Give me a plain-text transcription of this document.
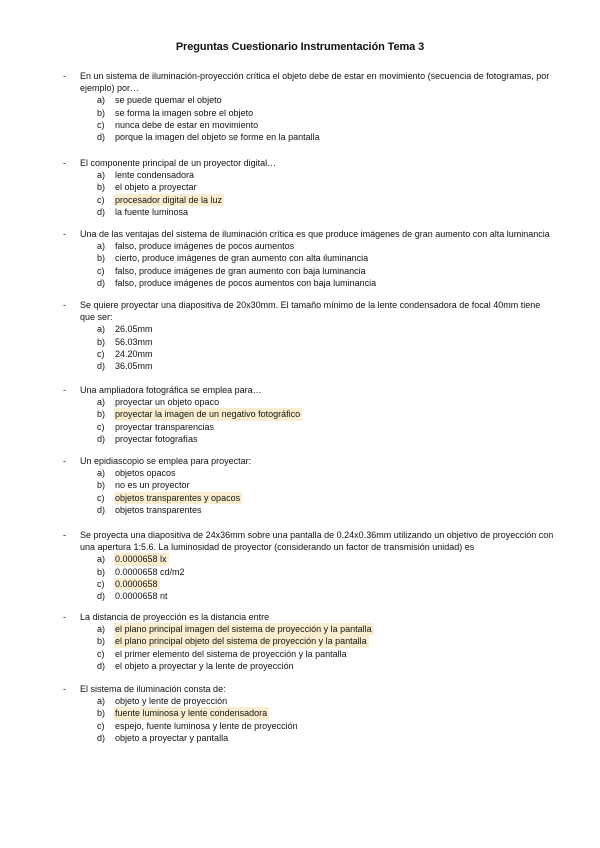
Preguntas Cuestionario Instrumentación Tema 3
- En un sistema de iluminación-proyección crítica el objeto debe de estar en movimiento (secuencia de fotogramas, por ejemplo) por…
a) se puede quemar el objeto
b) se forma la imagen sobre el objeto
c) nunca debe de estar en movimiento
d) porque la imagen del objeto se forme en la pantalla
- El componente principal de un proyector digital…
a) lente condensadora
b) el objeto a proyectar
c) procesador digital de la luz
d) la fuente luminosa
- Una de las ventajas del sistema de iluminación crítica es que produce imágenes de gran aumento con alta luminancia
a) falso, produce imágenes de pocos aumentos
b) cierto, produce imágenes de gran aumento con alta iluminancia
c) falso, produce imágenes de gran aumento con baja luminancia
d) falso, produce imágenes de pocos aumentos con baja luminancia
- Se quiere proyectar una diapositiva de 20x30mm. El tamaño mínimo de la lente condensadora de focal 40mm tiene que ser:
a) 26.05mm
b) 56.03mm
c) 24.20mm
d) 36.05mm
- Una ampliadora fotográfica se emplea para…
a) proyectar un objeto opaco
b) proyectar la imagen de un negativo fotográfico
c) proyectar transparencias
d) proyectar fotografías
- Un epidiascopio se emplea para proyectar:
a) objetos opacos
b) no es un proyector
c) objetos transparentes y opacos
d) objetos transparentes
- Se proyecta una diapositiva de 24x36mm sobre una pantalla de 0.24x0.36mm utilizando un objetivo de proyección con una apertura 1:5.6. La luminosidad de proyector (considerando un factor de transmisión unidad) es
a) 0.0000658 lx
b) 0.0000658 cd/m2
c) 0.0000658
d) 0.0000658 nt
- La distancia de proyección es la distancia entre
a) el plano principal imagen del sistema de proyección y la pantalla
b) el plano principal objeto del sistema de proyección y la pantalla
c) el primer elemento del sistema de proyección y la pantalla
d) el objeto a proyectar y la lente de proyección
- El sistema de iluminación consta de:
a) objeto y lente de proyección
b) fuente luminosa y lente condensadora
c) espejo, fuente luminosa y lente de proyección
d) objeto a proyectar y pantalla
